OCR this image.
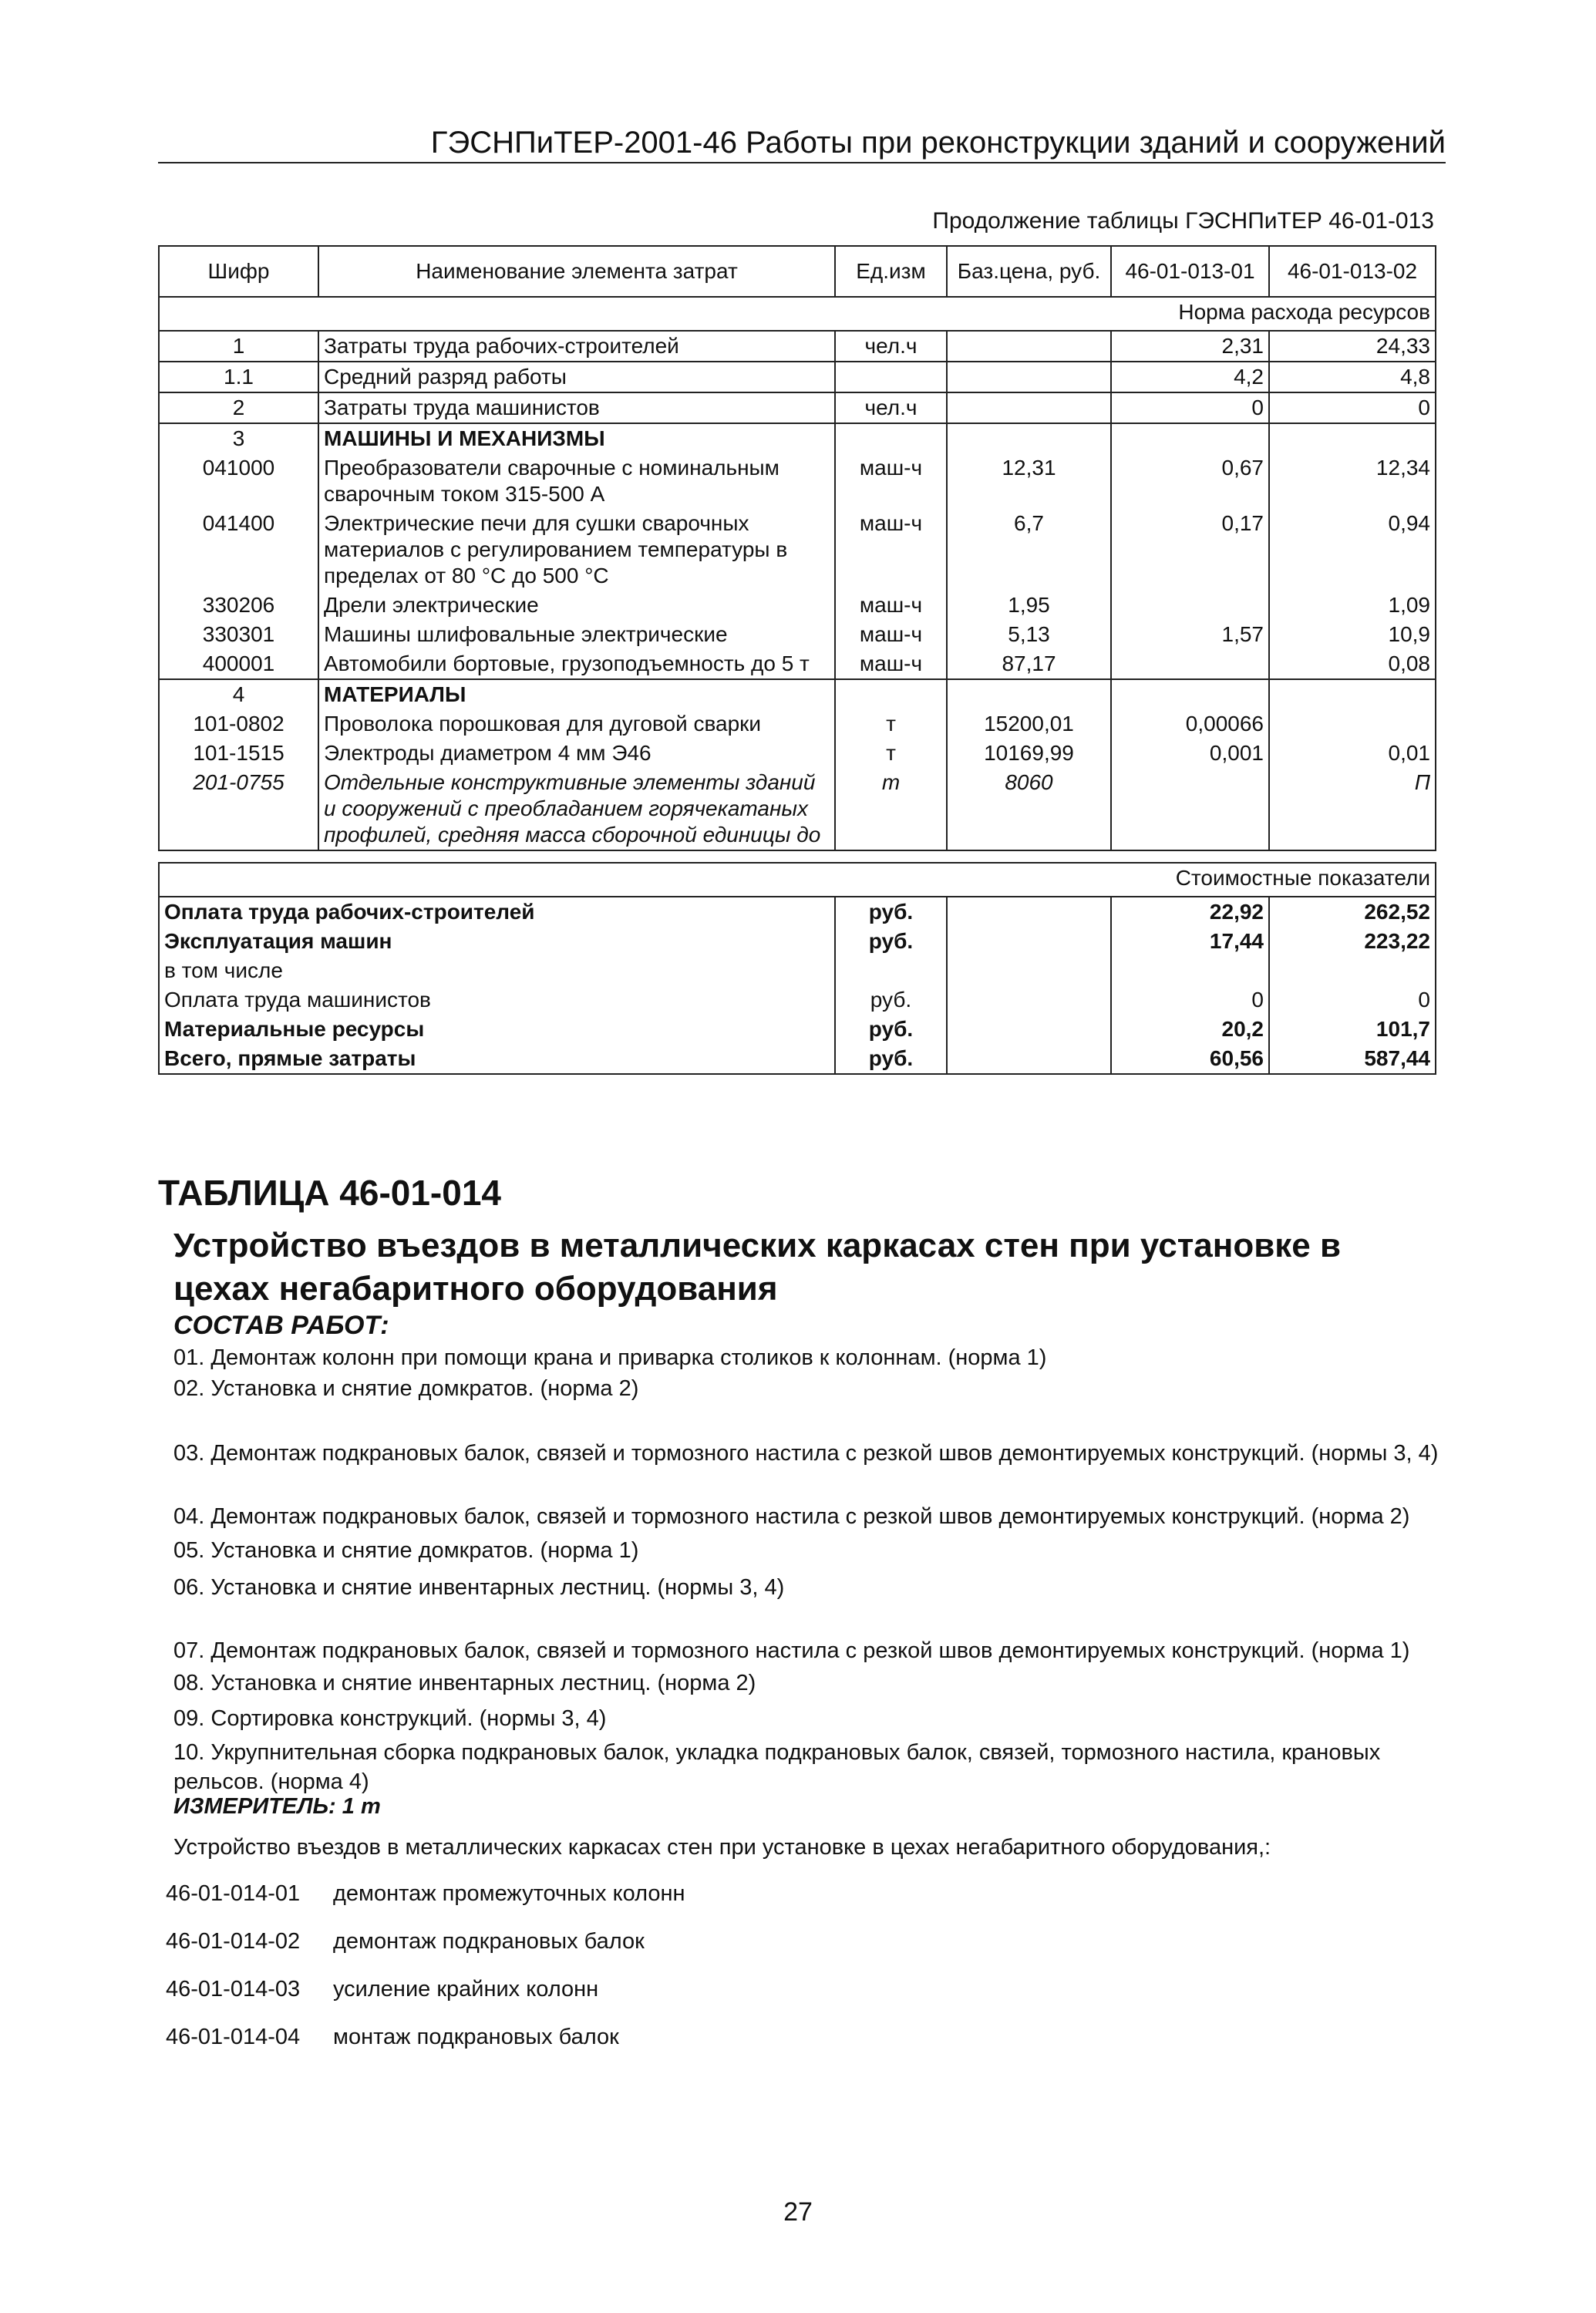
ГЭСНПиТЕР-2001-46 Работы при реконструкции зданий и сооружений
Продолжение таблицы ГЭСНПиТЕР 46-01-013
Шифр	Наименование элемента затрат	Ед.изм	Баз.цена, руб.	46-01-013-01	46-01-013-02
Норма расхода ресурсов					
1	Затраты труда рабочих-строителей	чел.ч		2,31	24,33
1.1	Средний разряд работы			4,2	4,8
2	Затраты труда машинистов	чел.ч		0	0
3	МАШИНЫ И МЕХАНИЗМЫ				
041000	Преобразователи сварочные с номинальным сварочным током 315-500 А	маш-ч	12,31	0,67	12,34
041400	Электрические печи для сушки сварочных материалов с регулированием температуры в пределах от 80 °С до 500 °С	маш-ч	6,7	0,17	0,94
330206	Дрели электрические	маш-ч	1,95		1,09
330301	Машины шлифовальные электрические	маш-ч	5,13	1,57	10,9
400001	Автомобили бортовые, грузоподъемность до 5 т	маш-ч	87,17		0,08
4	МАТЕРИАЛЫ				
101-0802	Проволока порошковая для дуговой сварки	т	15200,01	0,00066	
101-1515	Электроды диаметром 4 мм Э46	т	10169,99	0,001	0,01
201-0755	Отдельные конструктивные элементы зданий и сооружений с преобладанием горячекатаных профилей, средняя масса сборочной единицы до	т	8060		П

Стоимостные показатели					
Оплата труда рабочих-строителей		руб.		22,92	262,52
Эксплуатация машин		руб.		17,44	223,22
в том числе					
Оплата труда машинистов		руб.		0	0
Материальные ресурсы		руб.		20,2	101,7
Всего, прямые затраты		руб.		60,56	587,44
ТАБЛИЦА 46-01-014
Устройство въездов в металлических каркасах стен при установке в цехах негабаритного оборудования
СОСТАВ РАБОТ:
01. Демонтаж колонн при помощи крана и приварка столиков к колоннам. (норма 1)
02. Установка и снятие домкратов. (норма 2)
03. Демонтаж подкрановых балок, связей и тормозного настила с резкой швов демонтируемых конструкций. (нормы 3, 4)
04. Демонтаж подкрановых балок, связей и тормозного настила с резкой швов демонтируемых конструкций. (норма 2)
05. Установка и снятие домкратов. (норма 1)
06. Установка и снятие инвентарных лестниц. (нормы 3, 4)
07. Демонтаж подкрановых балок, связей и тормозного настила с резкой швов демонтируемых конструкций. (норма 1)
08. Установка и снятие инвентарных лестниц. (норма 2)
09. Сортировка конструкций. (нормы 3, 4)
10. Укрупнительная сборка подкрановых балок, укладка подкрановых балок, связей, тормозного настила, крановых рельсов. (норма 4)
ИЗМЕРИТЕЛЬ: 1 т
Устройство въездов в металлических каркасах стен при установке в цехах негабаритного оборудования,:
46-01-014-01 демонтаж промежуточных колонн
46-01-014-02 демонтаж подкрановых балок
46-01-014-03 усиление крайних колонн
46-01-014-04 монтаж подкрановых балок
27
